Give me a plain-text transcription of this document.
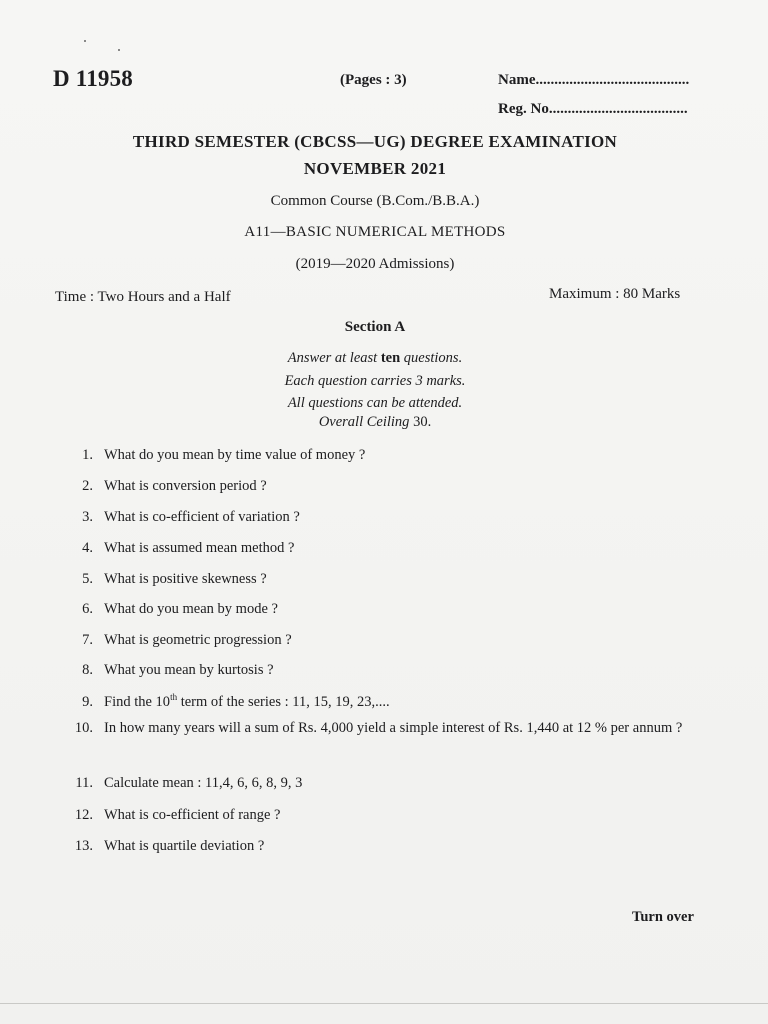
D 11958	(Pages : 3)	Name.........................................
Reg. No.....................................
THIRD SEMESTER (CBCSS—UG) DEGREE EXAMINATION
NOVEMBER 2021
Common Course (B.Com./B.B.A.)
A11—BASIC NUMERICAL METHODS
(2019—2020 Admissions)
Time : Two Hours and a Half	Maximum : 80 Marks
Section A
Answer at least ten questions.
Each question carries 3 marks.
All questions can be attended.
Overall Ceiling 30.
1. What do you mean by time value of money ?
2. What is conversion period ?
3. What is co-efficient of variation ?
4. What is assumed mean method ?
5. What is positive skewness ?
6. What do you mean by mode ?
7. What is geometric progression ?
8. What you mean by kurtosis ?
9. Find the 10th term of the series : 11, 15, 19, 23,....
10. In how many years will a sum of Rs. 4,000 yield a simple interest of Rs. 1,440 at 12 % per annum ?
11. Calculate mean : 11,4, 6, 6, 8, 9, 3
12. What is co-efficient of range ?
13. What is quartile deviation ?
Turn over
